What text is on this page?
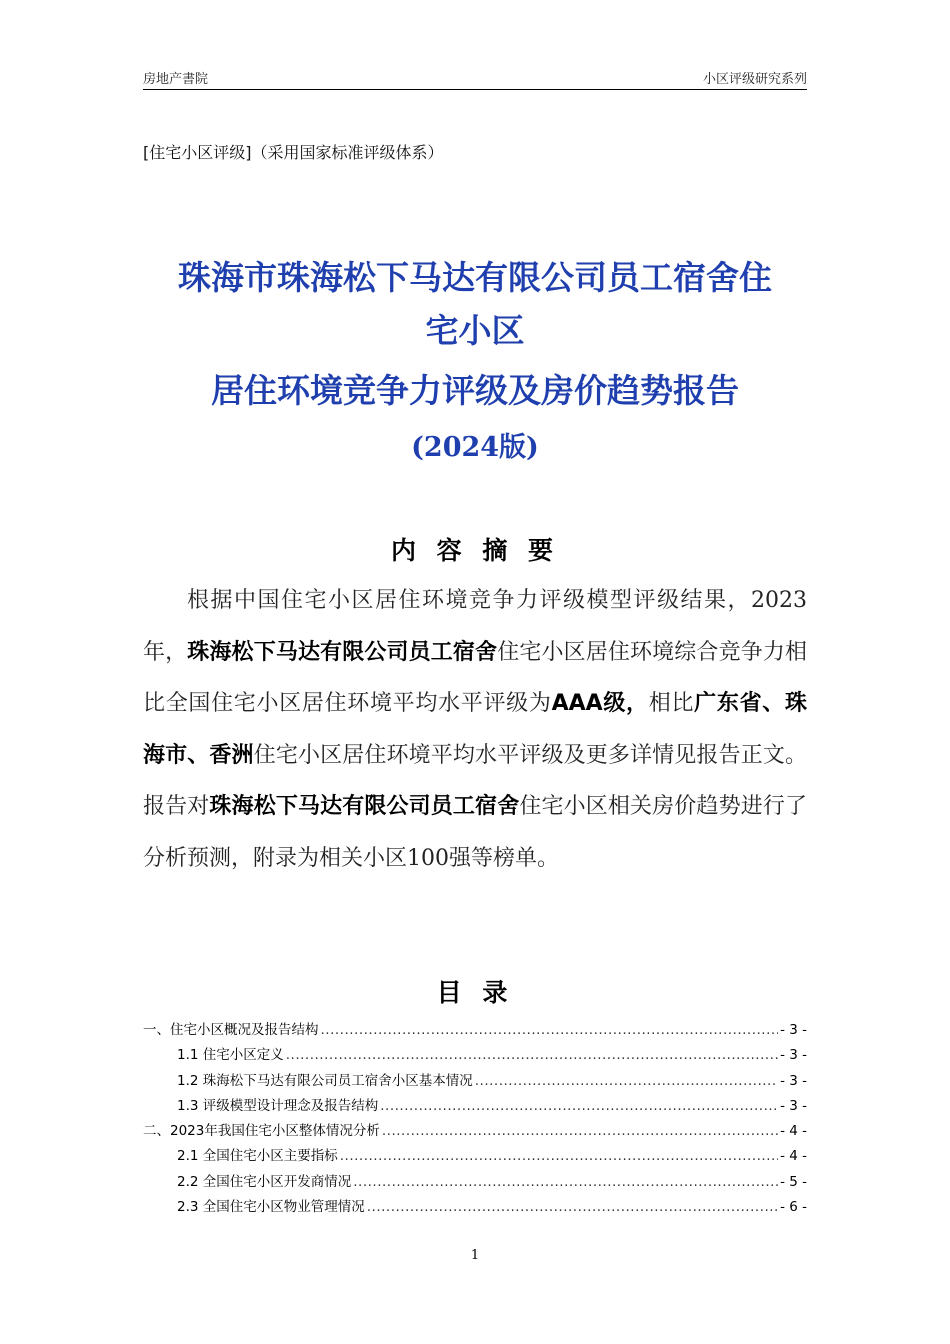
房地产書院	小区评级研究系列
[住宅小区评级]（采用国家标准评级体系）
珠海市珠海松下马达有限公司员工宿舍住
宅小区
居住环境竞争力评级及房价趋势报告
(2024版)
内 容 摘 要

根据中国住宅小区居住环境竞争力评级模型评级结果，2023年，珠海松下马达有限公司员工宿舍住宅小区居住环境综合竞争力相比全国住宅小区居住环境平均水平评级为AAA级，相比广东省、珠海市、香洲住宅小区居住环境平均水平评级及更多详情见报告正文。报告对珠海松下马达有限公司员工宿舍住宅小区相关房价趋势进行了分析预测，附录为相关小区100强等榜单。

目 录
一、住宅小区概况及报告结构 .....	- 3 -
1.1 住宅小区定义 .....	- 3 -
1.2 珠海松下马达有限公司员工宿舍小区基本情况 .....	- 3 -
1.3 评级模型设计理念及报告结构 .....	- 3 -
二、2023年我国住宅小区整体情况分析 .....	- 4 -
2.1 全国住宅小区主要指标 .....	- 4 -
2.2 全国住宅小区开发商情况 .....	- 5 -
2.3 全国住宅小区物业管理情况 .....	- 6 -
1
